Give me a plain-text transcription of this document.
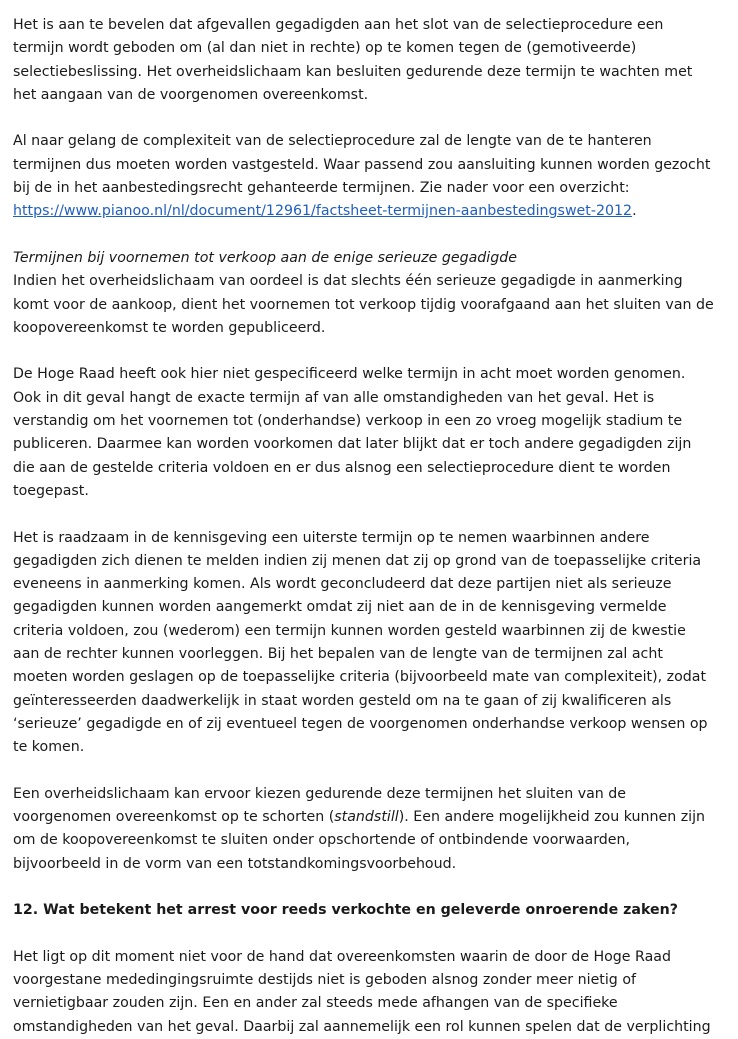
Het is aan te bevelen dat afgevallen gegadigden aan het slot van de selectieprocedure een termijn wordt geboden om (al dan niet in rechte) op te komen tegen de (gemotiveerde) selectiebeslissing. Het overheidslichaam kan besluiten gedurende deze termijn te wachten met het aangaan van de voorgenomen overeenkomst.

Al naar gelang de complexiteit van de selectieprocedure zal de lengte van de te hanteren termijnen dus moeten worden vastgesteld. Waar passend zou aansluiting kunnen worden gezocht bij de in het aanbestedingsrecht gehanteerde termijnen. Zie nader voor een overzicht: https://www.pianoo.nl/nl/document/12961/factsheet-termijnen-aanbestedingswet-2012.

Termijnen bij voornemen tot verkoop aan de enige serieuze gegadigde
Indien het overheidslichaam van oordeel is dat slechts één serieuze gegadigde in aanmerking komt voor de aankoop, dient het voornemen tot verkoop tijdig voorafgaand aan het sluiten van de koopovereenkomst te worden gepubliceerd.

De Hoge Raad heeft ook hier niet gespecificeerd welke termijn in acht moet worden genomen. Ook in dit geval hangt de exacte termijn af van alle omstandigheden van het geval. Het is verstandig om het voornemen tot (onderhandse) verkoop in een zo vroeg mogelijk stadium te publiceren. Daarmee kan worden voorkomen dat later blijkt dat er toch andere gegadigden zijn die aan de gestelde criteria voldoen en er dus alsnog een selectieprocedure dient te worden toegepast.

Het is raadzaam in de kennisgeving een uiterste termijn op te nemen waarbinnen andere gegadigden zich dienen te melden indien zij menen dat zij op grond van de toepasselijke criteria eveneens in aanmerking komen. Als wordt geconcludeerd dat deze partijen niet als serieuze gegadigden kunnen worden aangemerkt omdat zij niet aan de in de kennisgeving vermelde criteria voldoen, zou (wederom) een termijn kunnen worden gesteld waarbinnen zij de kwestie aan de rechter kunnen voorleggen. Bij het bepalen van de lengte van de termijnen zal acht moeten worden geslagen op de toepasselijke criteria (bijvoorbeeld mate van complexiteit), zodat geïnteresseerden daadwerkelijk in staat worden gesteld om na te gaan of zij kwalificeren als ‘serieuze’ gegadigde en of zij eventueel tegen de voorgenomen onderhandse verkoop wensen op te komen.

Een overheidslichaam kan ervoor kiezen gedurende deze termijnen het sluiten van de voorgenomen overeenkomst op te schorten (standstill). Een andere mogelijkheid zou kunnen zijn om de koopovereenkomst te sluiten onder opschortende of ontbindende voorwaarden, bijvoorbeeld in de vorm van een totstandkomingsvoorbehoud.

12. Wat betekent het arrest voor reeds verkochte en geleverde onroerende zaken?

Het ligt op dit moment niet voor de hand dat overeenkomsten waarin de door de Hoge Raad voorgestane mededingingsruimte destijds niet is geboden alsnog zonder meer nietig of vernietigbaar zouden zijn. Een en ander zal steeds mede afhangen van de specifieke omstandigheden van het geval. Daarbij zal aannemelijk een rol kunnen spelen dat de verplichting
